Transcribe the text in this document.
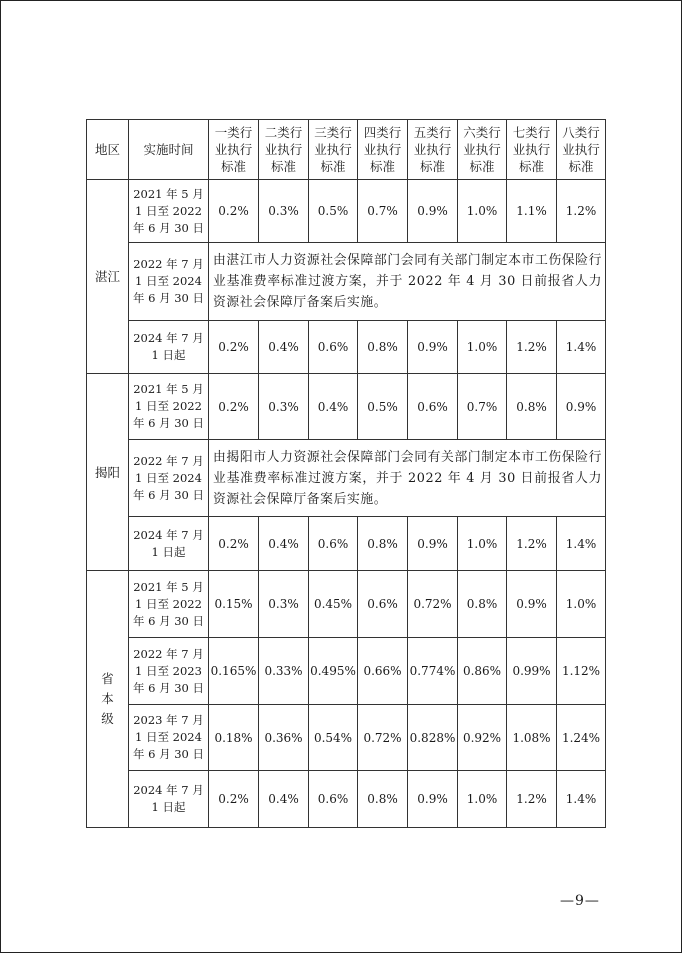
地区	实施时间	一类行业执行标准	二类行业执行标准	三类行业执行标准	四类行业执行标准	五类行业执行标准	六类行业执行标准	七类行业执行标准	八类行业执行标准
湛江	2021 年 5 月 1 日至 2022 年 6 月 30 日	0.2%	0.3%	0.5%	0.7%	0.9%	1.0%	1.1%	1.2%
	2022 年 7 月 1 日至 2024 年 6 月 30 日	由湛江市人力资源社会保障部门会同有关部门制定本市工伤保险行业基准费率标准过渡方案，并于 2022 年 4 月 30 日前报省人力资源社会保障厅备案后实施。							
	2024 年 7 月 1 日起	0.2%	0.4%	0.6%	0.8%	0.9%	1.0%	1.2%	1.4%
揭阳	2021 年 5 月 1 日至 2022 年 6 月 30 日	0.2%	0.3%	0.4%	0.5%	0.6%	0.7%	0.8%	0.9%
	2022 年 7 月 1 日至 2024 年 6 月 30 日	由揭阳市人力资源社会保障部门会同有关部门制定本市工伤保险行业基准费率标准过渡方案，并于 2022 年 4 月 30 日前报省人力资源社会保障厅备案后实施。							
	2024 年 7 月 1 日起	0.2%	0.4%	0.6%	0.8%	0.9%	1.0%	1.2%	1.4%
省本级	2021 年 5 月 1 日至 2022 年 6 月 30 日	0.15%	0.3%	0.45%	0.6%	0.72%	0.8%	0.9%	1.0%
	2022 年 7 月 1 日至 2023 年 6 月 30 日	0.165%	0.33%	0.495%	0.66%	0.774%	0.86%	0.99%	1.12%
	2023 年 7 月 1 日至 2024 年 6 月 30 日	0.18%	0.36%	0.54%	0.72%	0.828%	0.92%	1.08%	1.24%
	2024 年 7 月 1 日起	0.2%	0.4%	0.6%	0.8%	0.9%	1.0%	1.2%	1.4%
—9—
